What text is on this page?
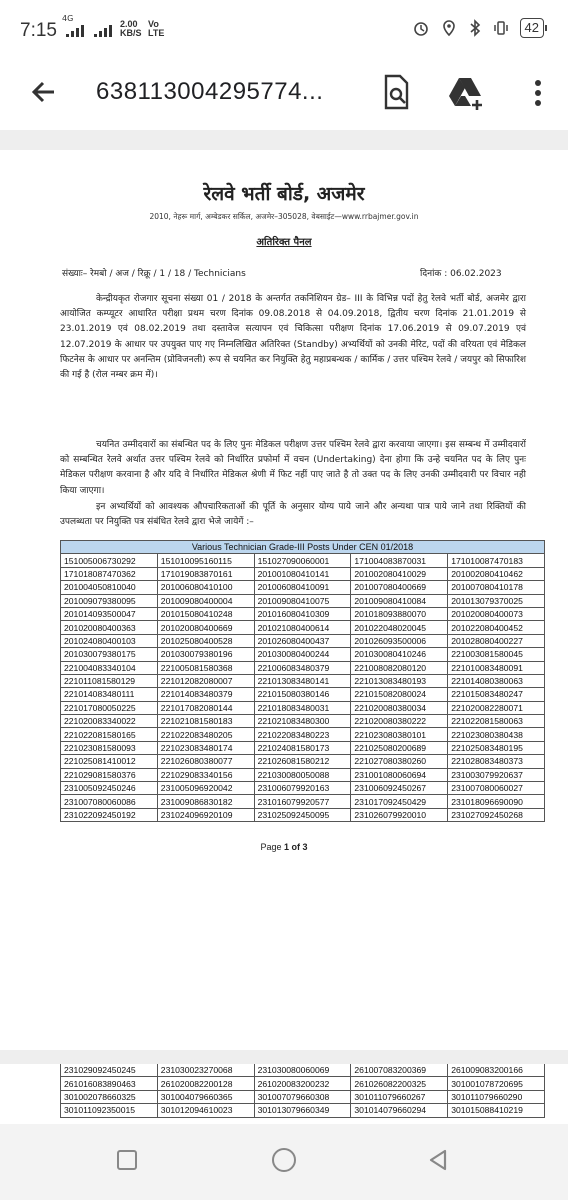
7:15
4G
2.00
KB/S
Vo
LTE	42
638113004295774...
रेलवे भर्ती बोर्ड, अजमेर
2010, नेहरू मार्ग, अम्बेडकर सर्किल, अजमेर–305028, वेबसाईट—www.rrbajmer.gov.in
अतिरिक्त पैनल
संख्याः– रेमबो / अज / रिक्रू / 1 / 18 / Technicians	दिनांक : 06.02.2023
केन्द्रीयकृत रोजगार सूचना संख्या 01 / 2018 के अन्तर्गत तकनिशियन ग्रेड– III के विभिन्न पदों हेतु रेलवे भर्ती बोर्ड, अजमेर द्वारा आयोजित कम्प्यूटर आधारित परीक्षा प्रथम चरण दिनांक 09.08.2018 से 04.09.2018, द्वितीय चरण दिनांक 21.01.2019 से 23.01.2019 एवं 08.02.2019 तथा दस्तावेज सत्यापन एवं चिकित्सा परीक्षण दिनांक 17.06.2019 से 09.07.2019 एवं 12.07.2019 के आधार पर उपयुक्त पाए गए निम्नलिखित अतिरिक्त (Standby) अभ्यर्थियों को उनकी मेरिट, पदों की वरियता एवं मेडिकल फिटनेस के आधार पर अनन्तिम (प्रोविजनली) रूप से चयनित कर नियुक्ति हेतु महाप्रबन्धक / कार्मिक / उत्तर पश्चिम रेलवे / जयपुर को सिफारिश की गई है (रोल नम्बर क्रम में)।
चयनित उम्मीदवारों का संबन्धित पद के लिए पुनः मेडिकल परीक्षण उत्तर पश्चिम रेलवे द्वारा करवाया जाएगा। इस सम्बन्ध में उम्मीदवारों को सम्बन्धित रेलवे अर्थात उत्तर पश्चिम रेलवे को निर्धारित प्रफोर्मा में वचन (Undertaking) देना होगा कि उन्हे चयनित पद के लिए पुनः मेडिकल परीक्षण करवाना है और यदि वे निर्धारित मेडिकल श्रेणी में फिट नहीं पाए जाते है तो उक्त पद के लिए उनकी उम्मीदवारी पर विचार नही किया जाएगा।
इन अभ्यर्थियों को आवश्यक औपचारिकताओं की पूर्ति के अनुसार योग्य पाये जाने और अन्यथा पात्र पाये जाने तथा रिक्तियों की उपलब्धता पर नियुक्ति पत्र संबंधित रेलवे द्वारा भेजे जायेगें :–
Various Technician Grade-III Posts Under CEN 01/2018				
151005006730292	151010095160115	151027090060001	171004083870031	171010087470183
171018087470362	171019083870161	201001080410141	201002080410029	201002080410462
201004050810040	201006080410100	201006080410091	201007080400669	201007080410178
201009079380095	201009080400004	201009080410075	201009080410084	201013079370025
201014093500047	201015080410248	201016080410309	201018093880070	201020080400073
201020080400363	201020080400669	201021080400614	201022048020045	201022080400452
201024080400103	201025080400528	201026080400437	201026093500006	201028080400227
201030079380175	201030079380196	201030080400244	201030080410246	221003081580045
221004083340104	221005081580368	221006083480379	221008082080120	221010083480091
221011081580129	221012082080007	221013083480141	221013083480193	221014080380063
221014083480111	221014083480379	221015080380146	221015082080024	221015083480247
221017080050225	221017082080144	221018083480031	221020080380034	221020082280071
221020083340022	221021081580183	221021083480300	221020080380222	221022081580063
221022081580165	221022083480205	221022083480223	221023080380101	221023080380438
221023081580093	221023083480174	221024081580173	221025080200689	221025083480195
221025081410012	221026080380077	221026081580212	221027080380260	221028083480373
221029081580376	221029083340156	221030080050088	231001080060694	231003079920637
231005092450246	231005096920042	231006079920163	231006092450267	231007080060027
231007080060086	231009086830182	231016079920577	231017092450429	231018096690090
231022092450192	231024096920109	231025092450095	231026079920010	231027092450268
Page 1 of 3
231029092450245	231030023270068	231030080060069	261007083200369	261009083200166
261016083890463	261020082200128	261020083200232	261026082200325	301001078720695
301002078660325	301004079660365	301007079660308	301011079660267	301011079660290
301011092350015	301012094610023	301013079660349	301014079660294	301015088410219
